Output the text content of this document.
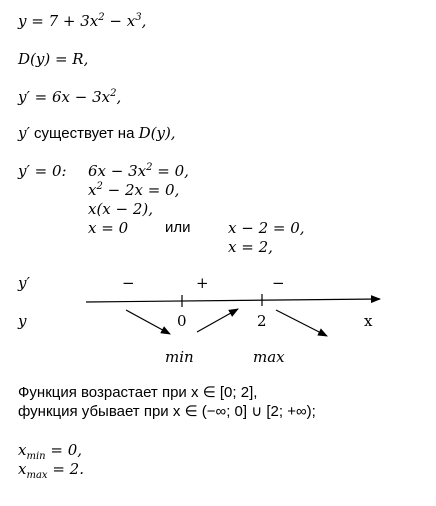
$y = 7 + 3x^2 - x^3$,
D(y) = R,
$y' = 6x - 3x^2$,
y′ существует на D(y),
y′ = 0: $6x - 3x^2 = 0$,
$x^2 - 2x = 0$,
x(x − 2),
x = 0 или x − 2 = 0,
x = 2,
y′	−	+	−
y	0	2	x
min	max
Функция возрастает при x ∈ [0; 2],
функция убывает при x ∈ (−∞; 0] ∪ [2; +∞);
$x_{min} = 0$,
$x_{max} = 2$.
